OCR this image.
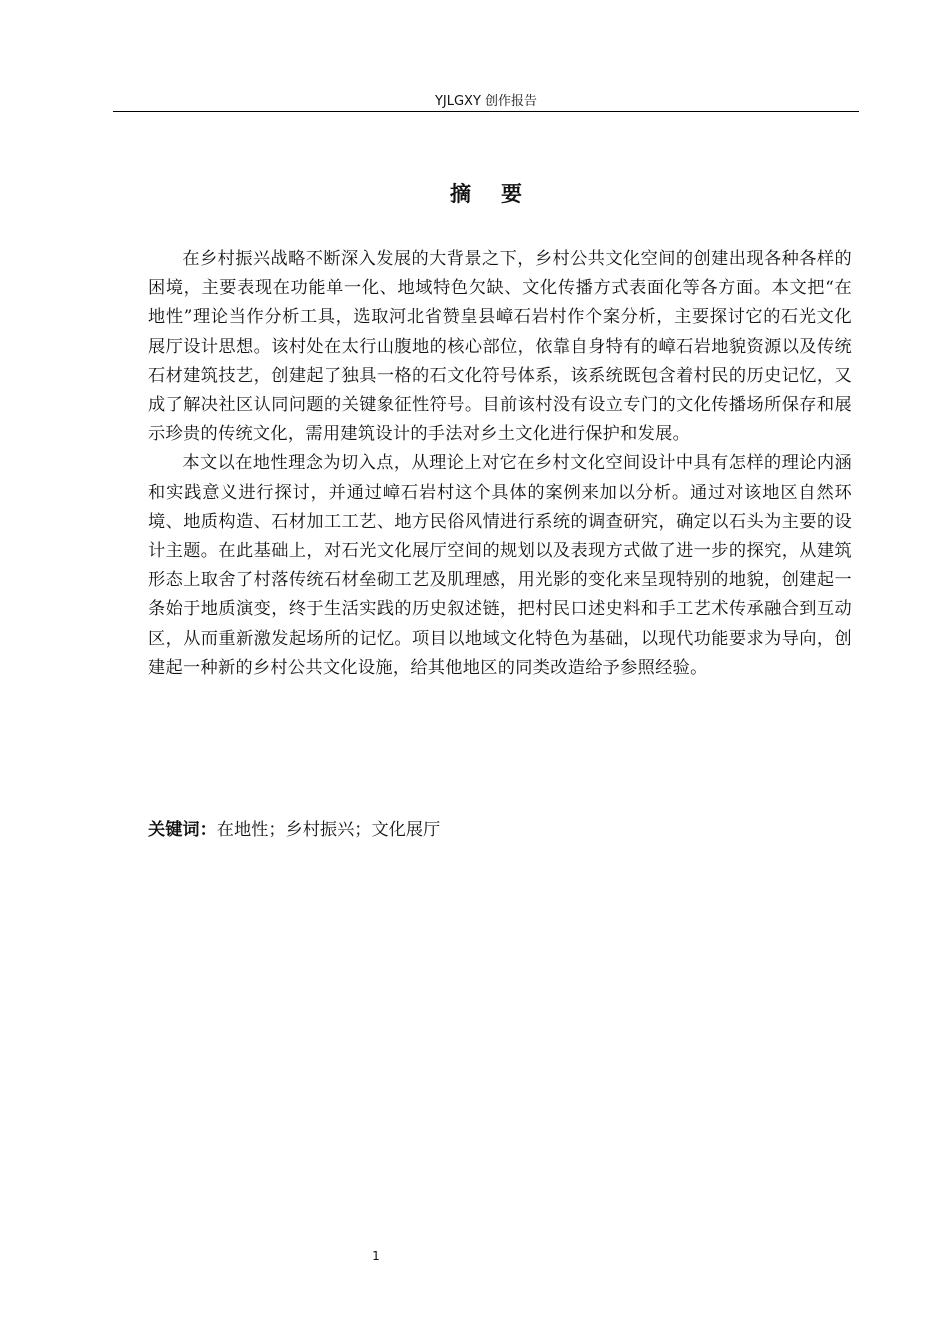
YJLGXY 创作报告
摘要

在乡村振兴战略不断深入发展的大背景之下，乡村公共文化空间的创建出现各种各样的困境，主要表现在功能单一化、地域特色欠缺、文化传播方式表面化等各方面。本文把“在地性”理论当作分析工具，选取河北省赞皇县嶂石岩村作个案分析，主要探讨它的石光文化展厅设计思想。该村处在太行山腹地的核心部位，依靠自身特有的嶂石岩地貌资源以及传统石材建筑技艺，创建起了独具一格的石文化符号体系，该系统既包含着村民的历史记忆，又成了解决社区认同问题的关键象征性符号。目前该村没有设立专门的文化传播场所保存和展示珍贵的传统文化，需用建筑设计的手法对乡土文化进行保护和发展。

本文以在地性理念为切入点，从理论上对它在乡村文化空间设计中具有怎样的理论内涵和实践意义进行探讨，并通过嶂石岩村这个具体的案例来加以分析。通过对该地区自然环境、地质构造、石材加工工艺、地方民俗风情进行系统的调查研究，确定以石头为主要的设计主题。在此基础上，对石光文化展厅空间的规划以及表现方式做了进一步的探究，从建筑形态上取舍了村落传统石材垒砌工艺及肌理感，用光影的变化来呈现特别的地貌，创建起一条始于地质演变，终于生活实践的历史叙述链，把村民口述史料和手工艺术传承融合到互动区，从而重新激发起场所的记忆。项目以地域文化特色为基础，以现代功能要求为导向，创建起一种新的乡村公共文化设施，给其他地区的同类改造给予参照经验。

关键词：在地性；乡村振兴；文化展厅
1
